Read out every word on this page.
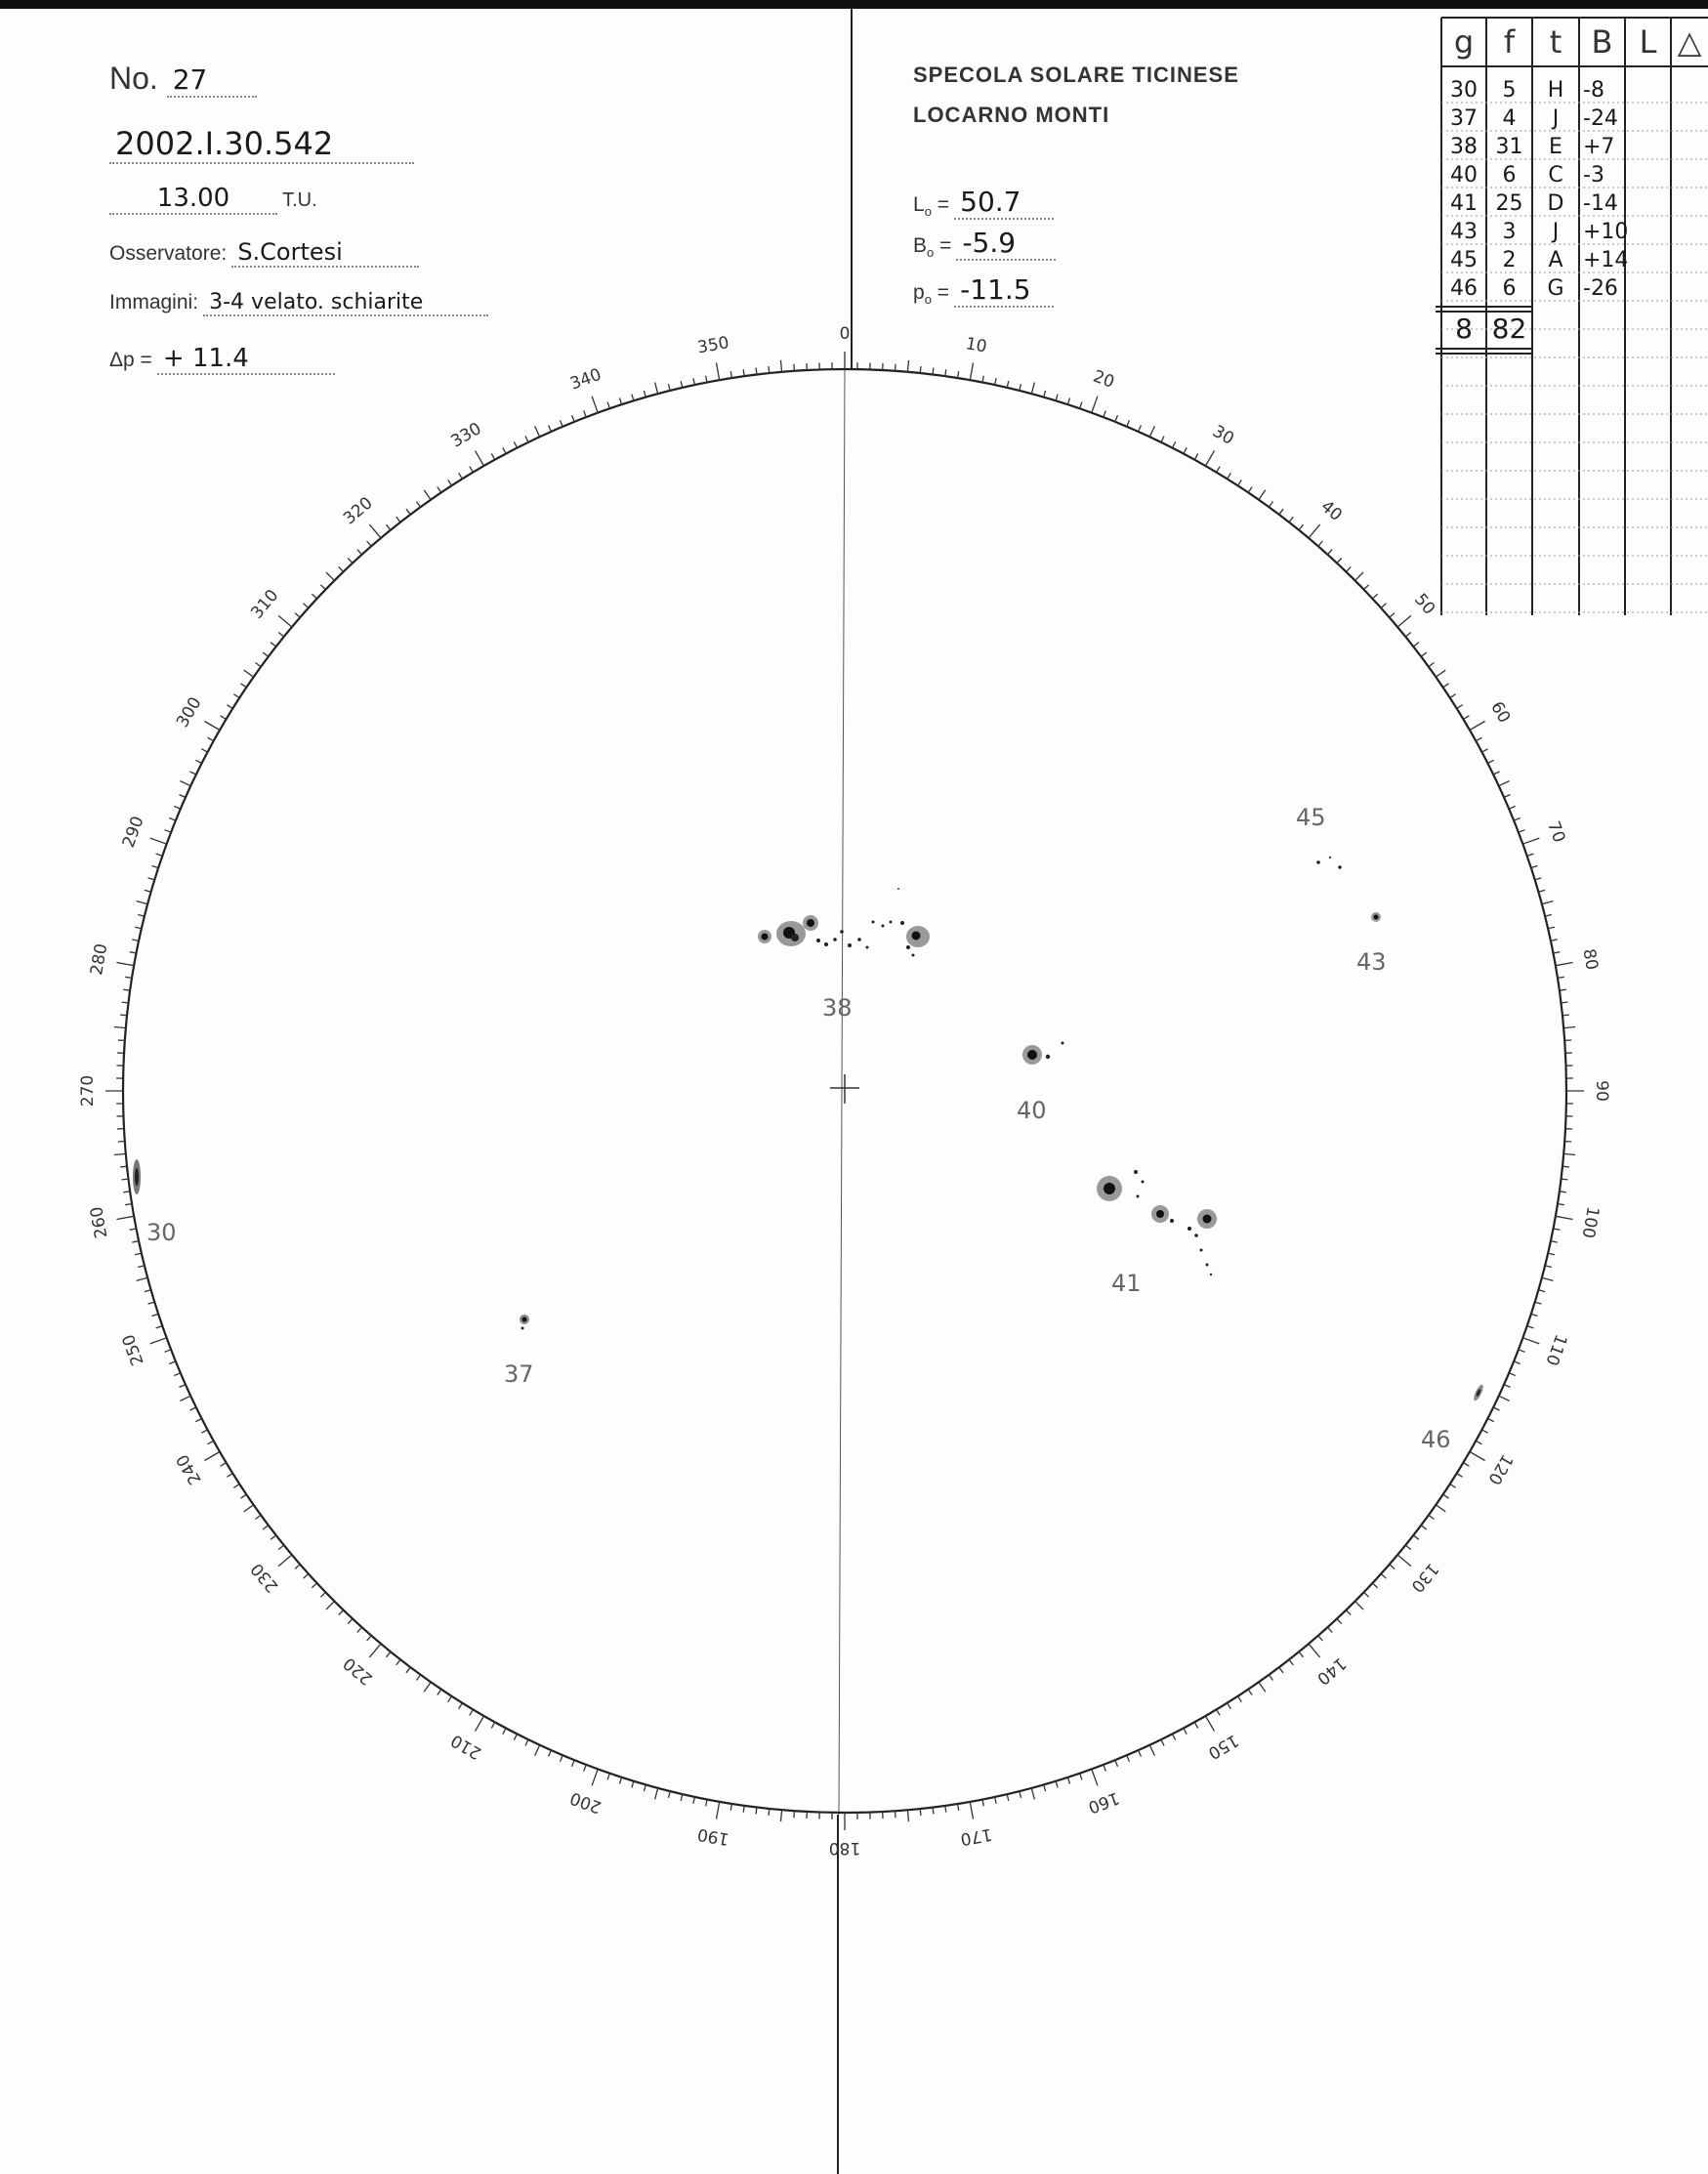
No. 27
2002.I.30.542
13.00	T.U.
Osservatore: S.Cortesi
Immagini: 3-4 velato. schiarite
Δp = + 11.4
SPECOLA SOLARE TICINESE
LOCARNO MONTI
$L_o = 50.7$
$B_o = -5.9$
$p_o = -11.5$
0
10
20
30
40
50
60
70
80
90
100
110
120
130
140
150
160
170
180
190
200
210
220
230
240
250
260
270
280
290
300
310
320
330
340
350
30
37
38
40
41
43
45
46
g f t B L △
30 5 H -8
37 4 J -24
38 31 E +7
40 6 C -3
41 25 D -14
43 3 J +10
45 2 A +14
46 6 G -26
8 82
